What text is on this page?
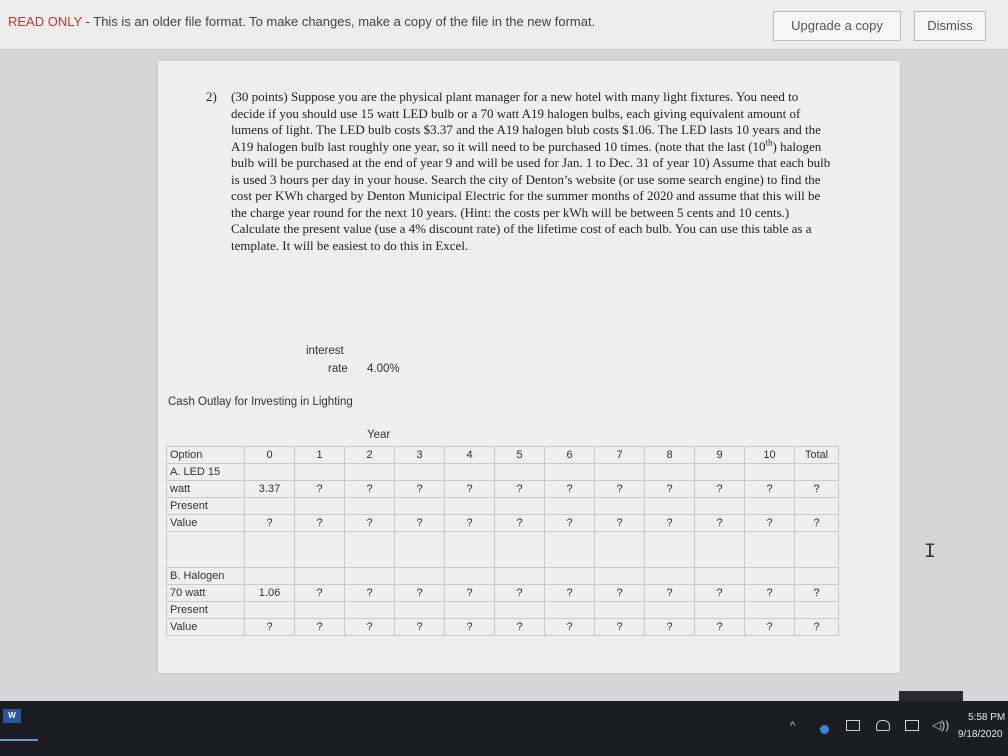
READ ONLY - This is an older file format. To make changes, make a copy of the file in the new format.	Upgrade a copy	Dismiss
2) (30 points) Suppose you are the physical plant manager for a new hotel with many light fixtures. You need to decide if you should use 15 watt LED bulb or a 70 watt A19 halogen bulbs, each giving equivalent amount of lumens of light. The LED bulb costs $3.37 and the A19 halogen blub costs $1.06. The LED lasts 10 years and the A19 halogen bulb last roughly one year, so it will need to be purchased 10 times. (note that the last (10th) halogen bulb will be purchased at the end of year 9 and will be used for Jan. 1 to Dec. 31 of year 10) Assume that each bulb is used 3 hours per day in your house. Search the city of Denton’s website (or use some search engine) to find the cost per KWh charged by Denton Municipal Electric for the summer months of 2020 and assume that this will be the charge year round for the next 10 years. (Hint: the costs per kWh will be between 5 cents and 10 cents.) Calculate the present value (use a 4% discount rate) of the lifetime cost of each bulb. You can use this table as a template. It will be easiest to do this in Excel.
interest
rate 4.00%
Cash Outlay for Investing in Lighting
Year
Option	0	1	2	3	4	5	6	7	8	9	10	Total
A. LED 15												
watt	3.37	?	?	?	?	?	?	?	?	?	?	?
Present												
Value	?	?	?	?	?	?	?	?	?	?	?	?

B. Halogen												
70 watt	1.06	?	?	?	?	?	?	?	?	?	?	?
Present												
Value	?	?	?	?	?	?	?	?	?	?	?	?
I
W
^	◁))
5:58 PM
9/18/2020
